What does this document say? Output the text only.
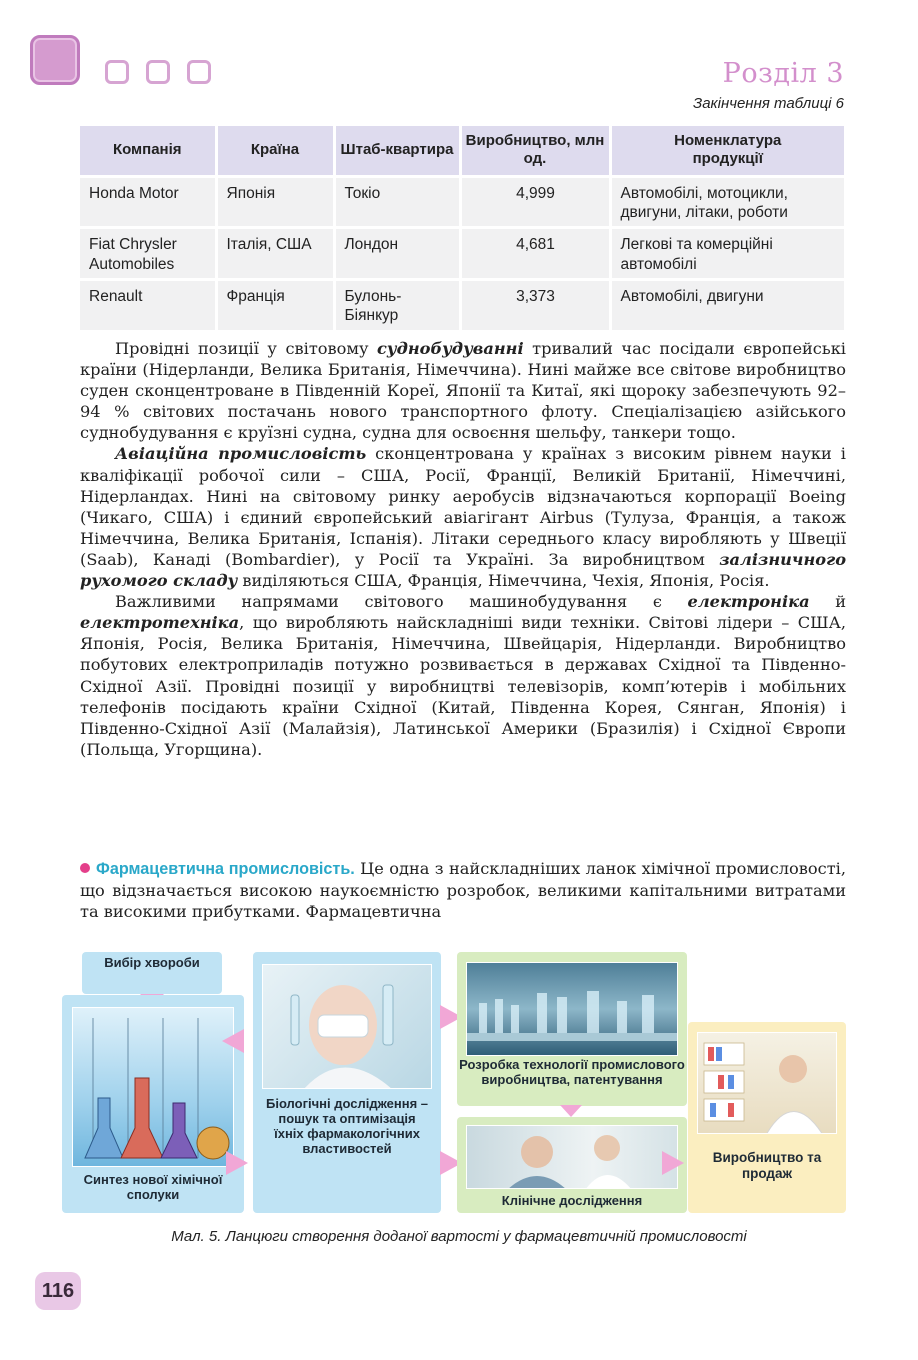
Розділ 3
Закінчення таблиці 6
Компанія	Країна	Штаб-квартира	Виробництво, млн од.	Номенклатура продукції
Honda Motor	Японія	Токіо	4,999	Автомобілі, мотоцикли, двигуни, літаки, роботи
Fiat Chrysler Automobiles	Італія, США	Лондон	4,681	Легкові та комерційні автомобілі
Renault	Франція	Булонь-Біянкур	3,373	Автомобілі, двигуни

Провідні позиції у світовому суднобудуванні тривалий час посідали європейські країни (Нідерланди, Велика Британія, Німеччина). Нині майже все світове виробництво суден сконцентроване в Південній Кореї, Японії та Китаї, які щороку забезпечують 92–94 % світових постачань нового транспортного флоту. Спеціалізацією азійського суднобудування є круїзні судна, судна для освоєння шельфу, танкери тощо.

Авіаційна промисловість сконцентрована у країнах з високим рівнем науки і кваліфікації робочої сили – США, Росії, Франції, Великій Британії, Німеччині, Нідерландах. Нині на світовому ринку аеробусів відзначаються корпорації Boeing (Чикаго, США) і єдиний європейський авіагігант Airbus (Тулуза, Франція, а також Німеччина, Велика Британія, Іспанія). Літаки середнього класу виробляють у Швеції (Saab), Канаді (Bombardier), у Росії та Україні. За виробництвом залізничного рухомого складу виділяються США, Франція, Німеччина, Чехія, Японія, Росія.

Важливими напрямами світового машинобудування є електроніка й електротехніка, що виробляють найскладніші види техніки. Світові лідери – США, Японія, Росія, Велика Британія, Німеччина, Швейцарія, Нідерланди. Виробництво побутових електроприладів потужно розвивається в державах Східної та Південно-Східної Азії. Провідні позиції у виробництві телевізорів, комп’ютерів і мобільних телефонів посідають країни Східної (Китай, Південна Корея, Сянган, Японія) і Південно-Східної Азії (Малайзія), Латинської Америки (Бразилія) і Східної Європи (Польща, Угорщина).

Фармацевтична промисловість. Це одна з найскладніших ланок хімічної промисловості, що відзначається високою наукоємністю розробок, великими капітальними витратами та високими прибутками. Фармацевтична

Вибір хвороби
Синтез нової хімічної сполуки
Біологічні дослідження – пошук та оптимізація їхніх фармакологічних властивостей
Розробка технології промислового виробництва, патентування
Клінічне дослідження
Виробництво та продаж
Мал. 5. Ланцюги створення доданої вартості у фармацевтичній промисловості
116
